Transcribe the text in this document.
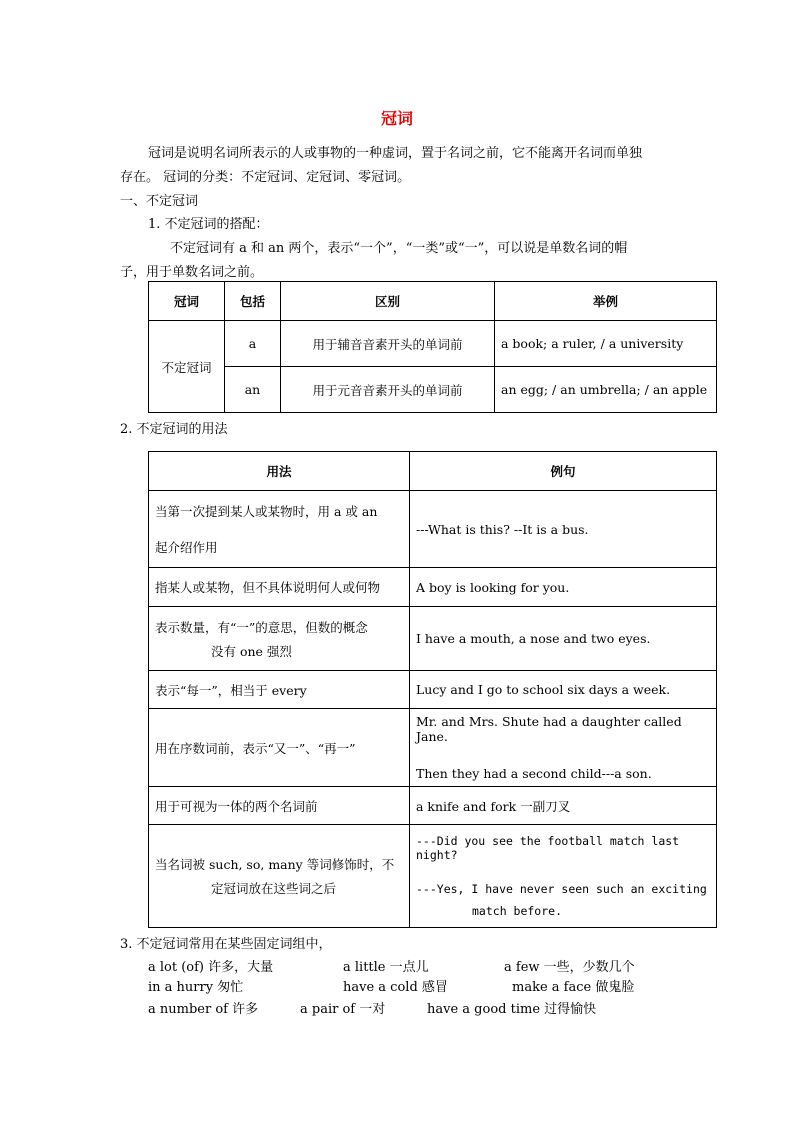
冠词
冠词是说明名词所表示的人或事物的一种虚词，置于名词之前，它不能离开名词而单独
存在。 冠词的分类：不定冠词、定冠词、零冠词。
一、不定冠词
1. 不定冠词的搭配：
不定冠词有 a 和 an 两个，表示“一个”，“一类”或“一”，可以说是单数名词的帽
子，用于单数名词之前。
冠词	包括	区别	举例
不定冠词	a	用于辅音音素开头的单词前	a book; a ruler, / a university
	an	用于元音音素开头的单词前	an egg; / an umbrella; / an apple
2. 不定冠词的用法
用法	例句

当第一次提到某人或某物时，用 a 或 an
起介绍作用	---What is this? --It is a bus.

指某人或某物，但不具体说明何人或何物	A boy is looking for you.

表示数量，有“一”的意思，但数的概念
没有 one 强烈	I have a mouth, a nose and two eyes.

表示“每一”，相当于 every	Lucy and I go to school six days a week.

用在序数词前，表示“又一”、“再一”	Mr. and Mrs. Shute had a daughter called Jane.
Then they had a second child---a son.

用于可视为一体的两个名词前	a knife and fork 一副刀叉

当名词被 such, so, many 等词修饰时，不
定冠词放在这些词之后	---Did you see the football match last night?
---Yes, I have never seen such an exciting
match before.
3. 不定冠词常用在某些固定词组中，
a lot (of) 许多，大量	a little 一点儿	a few 一些，少数几个
in a hurry 匆忙	have a cold 感冒	make a face 做鬼脸
a number of 许多	a pair of 一对	have a good time 过得愉快
